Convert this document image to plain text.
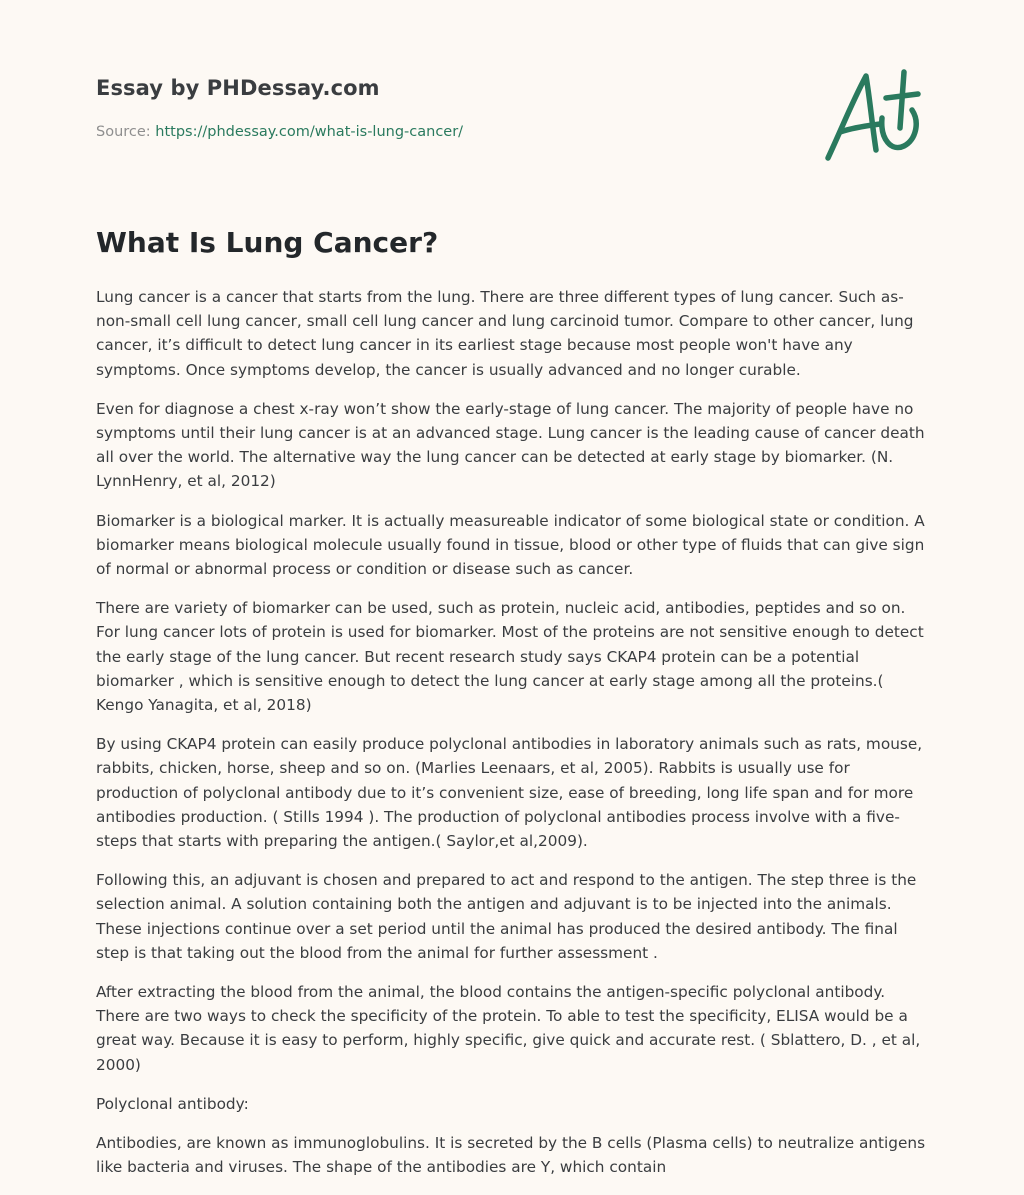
Essay by PHDessay.com
Source: https://phdessay.com/what-is-lung-cancer/
What Is Lung Cancer?

Lung cancer is a cancer that starts from the lung. There are three different types of lung cancer. Such as- non-small cell lung cancer, small cell lung cancer and lung carcinoid tumor. Compare to other cancer, lung cancer, it’s difficult to detect lung cancer in its earliest stage because most people won't have any symptoms. Once symptoms develop, the cancer is usually advanced and no longer curable.

Even for diagnose a chest x-ray won’t show the early-stage of lung cancer. The majority of people have no symptoms until their lung cancer is at an advanced stage. Lung cancer is the leading cause of cancer death all over the world. The alternative way the lung cancer can be detected at early stage by biomarker. (N. LynnHenry, et al, 2012)

Biomarker is a biological marker. It is actually measureable indicator of some biological state or condition. A biomarker means biological molecule usually found in tissue, blood or other type of fluids that can give sign of normal or abnormal process or condition or disease such as cancer.

There are variety of biomarker can be used, such as protein, nucleic acid, antibodies, peptides and so on. For lung cancer lots of protein is used for biomarker. Most of the proteins are not sensitive enough to detect the early stage of the lung cancer. But recent research study says CKAP4 protein can be a potential biomarker , which is sensitive enough to detect the lung cancer at early stage among all the proteins.( Kengo Yanagita, et al, 2018)

By using CKAP4 protein can easily produce polyclonal antibodies in laboratory animals such as rats, mouse, rabbits, chicken, horse, sheep and so on. (Marlies Leenaars, et al, 2005). Rabbits is usually use for production of polyclonal antibody due to it’s convenient size, ease of breeding, long life span and for more antibodies production. ( Stills 1994 ). The production of polyclonal antibodies process involve with a five-steps that starts with preparing the antigen.( Saylor,et al,2009).

Following this, an adjuvant is chosen and prepared to act and respond to the antigen. The step three is the selection animal. A solution containing both the antigen and adjuvant is to be injected into the animals. These injections continue over a set period until the animal has produced the desired antibody. The final step is that taking out the blood from the animal for further assessment .

After extracting the blood from the animal, the blood contains the antigen-specific polyclonal antibody. There are two ways to check the specificity of the protein. To able to test the specificity, ELISA would be a great way. Because it is easy to perform, highly specific, give quick and accurate rest. ( Sblattero, D. , et al, 2000)

Polyclonal antibody:

Antibodies, are known as immunoglobulins. It is secreted by the B cells (Plasma cells) to neutralize antigens like bacteria and viruses. The shape of the antibodies are Y, which contain
